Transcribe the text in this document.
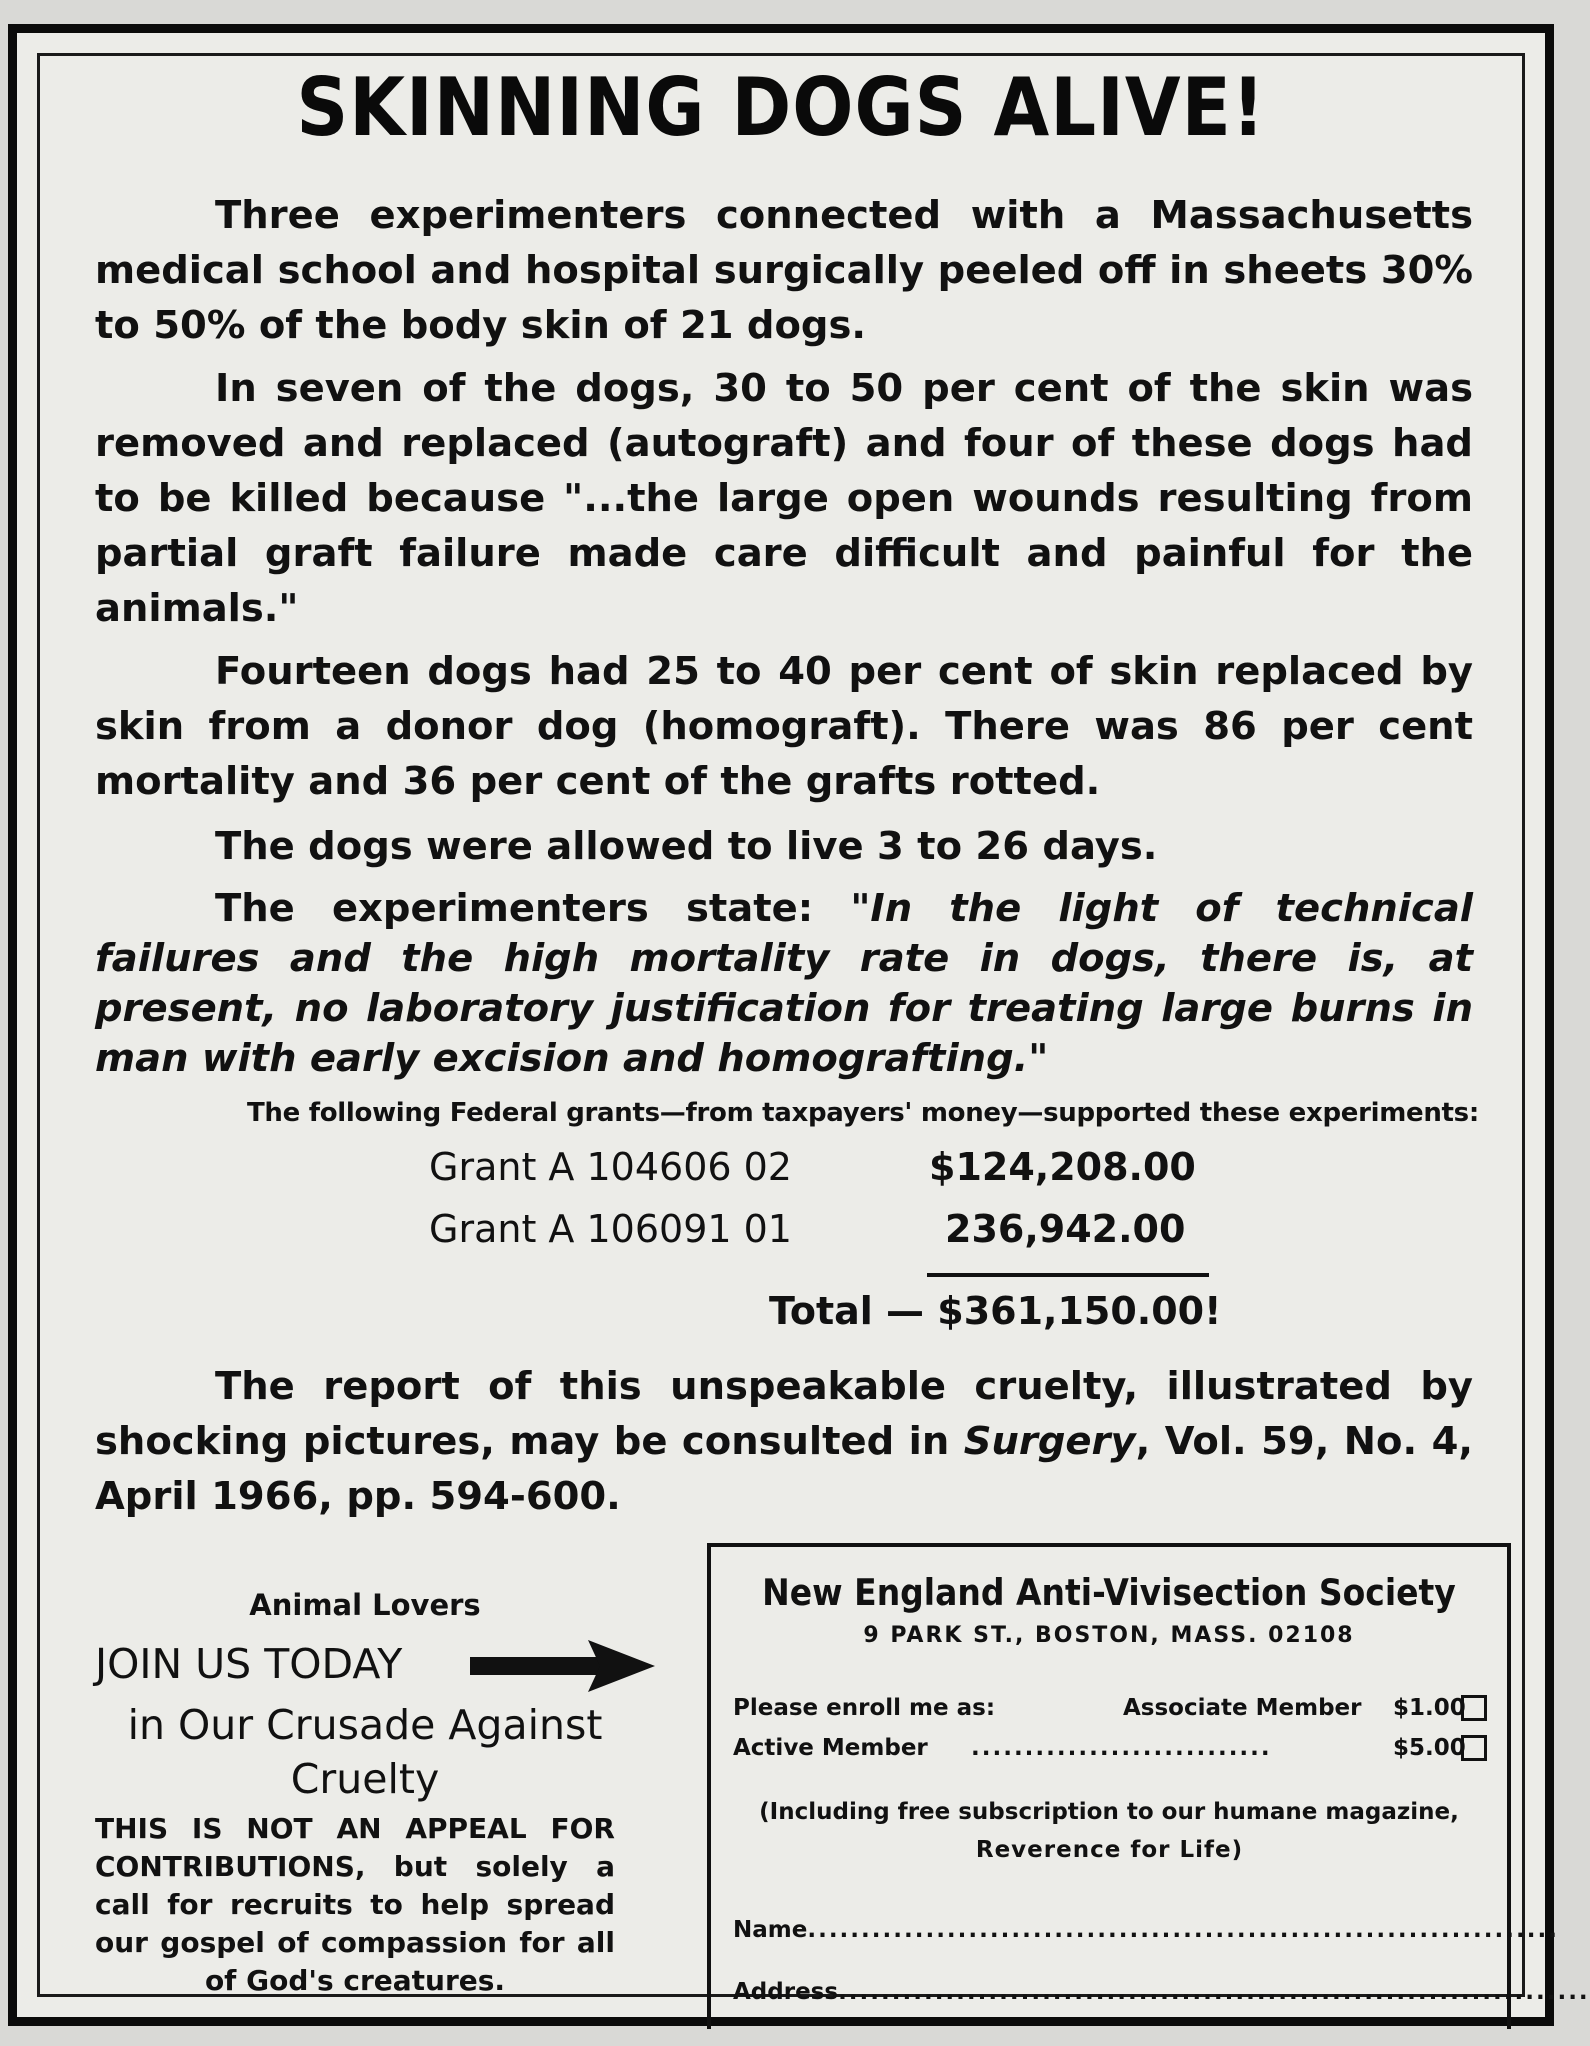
SKINNING DOGS ALIVE!

Three experimenters connected with a Massachusetts medical school and hospital surgically peeled off in sheets 30% to 50% of the body skin of 21 dogs.

In seven of the dogs, 30 to 50 per cent of the skin was removed and replaced (autograft) and four of these dogs had to be killed because "...the large open wounds resulting from partial graft failure made care difficult and painful for the animals."

Fourteen dogs had 25 to 40 per cent of skin replaced by skin from a donor dog (homograft). There was 86 per cent mortality and 36 per cent of the grafts rotted.

The dogs were allowed to live 3 to 26 days.

The experimenters state: "In the light of technical failures and the high mortality rate in dogs, there is, at present, no laboratory justification for treating large burns in man with early excision and homografting."

The following Federal grants—from taxpayers' money—supported these experiments:
Grant A 104606 02	$124,208.00
Grant A 106091 01	236,942.00
Total — $361,150.00!

The report of this unspeakable cruelty, illustrated by shocking pictures, may be consulted in Surgery, Vol. 59, No. 4, April 1966, pp. 594-600.

Animal Lovers
JOIN US TODAY
in Our Crusade Against Cruelty
THIS IS NOT AN APPEAL FOR CONTRIBUTIONS, but solely a call for recruits to help spread our gospel of compassion for all of God's creatures.
New England Anti-Vivisection Society
9 PARK ST., BOSTON, MASS. 02108
Please enroll me as:	Associate Member $1.00
Active Member ............................	$5.00
(Including free subscription to our humane magazine, Reverence for Life)
Name......................................................................
Address......................................................................
